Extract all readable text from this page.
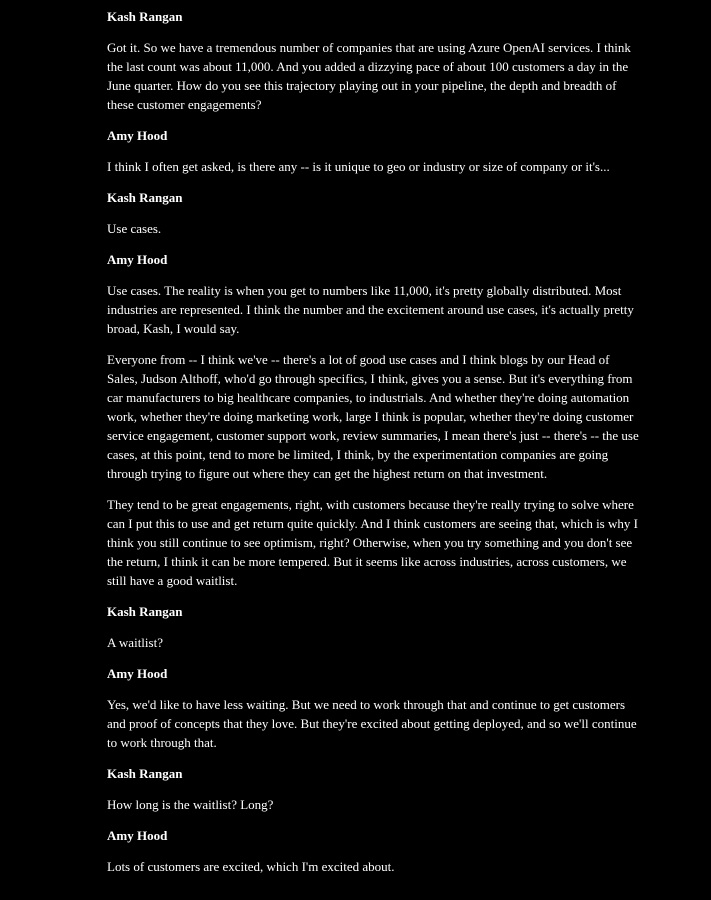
Kash Rangan

Got it. So we have a tremendous number of companies that are using Azure OpenAI services. I think the last count was about 11,000. And you added a dizzying pace of about 100 customers a day in the June quarter. How do you see this trajectory playing out in your pipeline, the depth and breadth of these customer engagements?

Amy Hood

I think I often get asked, is there any -- is it unique to geo or industry or size of company or it's...

Kash Rangan

Use cases.

Amy Hood

Use cases. The reality is when you get to numbers like 11,000, it's pretty globally distributed. Most industries are represented. I think the number and the excitement around use cases, it's actually pretty broad, Kash, I would say.

Everyone from -- I think we've -- there's a lot of good use cases and I think blogs by our Head of Sales, Judson Althoff, who'd go through specifics, I think, gives you a sense. But it's everything from car manufacturers to big healthcare companies, to industrials. And whether they're doing automation work, whether they're doing marketing work, large I think is popular, whether they're doing customer service engagement, customer support work, review summaries, I mean there's just -- there's -- the use cases, at this point, tend to more be limited, I think, by the experimentation companies are going through trying to figure out where they can get the highest return on that investment.

They tend to be great engagements, right, with customers because they're really trying to solve where can I put this to use and get return quite quickly. And I think customers are seeing that, which is why I think you still continue to see optimism, right? Otherwise, when you try something and you don't see the return, I think it can be more tempered. But it seems like across industries, across customers, we still have a good waitlist.

Kash Rangan

A waitlist?

Amy Hood

Yes, we'd like to have less waiting. But we need to work through that and continue to get customers and proof of concepts that they love. But they're excited about getting deployed, and so we'll continue to work through that.

Kash Rangan

How long is the waitlist? Long?

Amy Hood

Lots of customers are excited, which I'm excited about.
